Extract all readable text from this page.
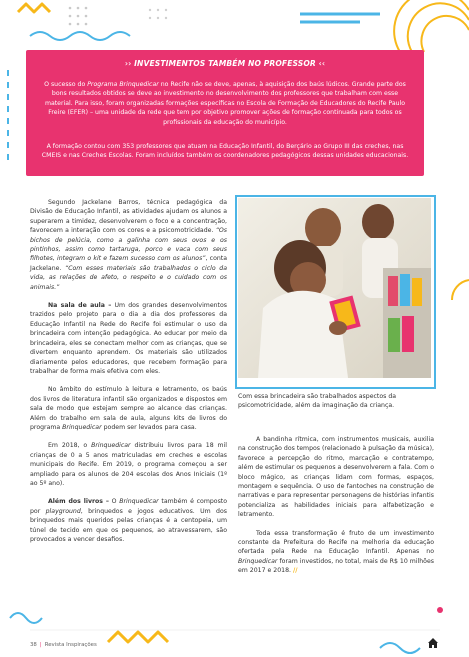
›› INVESTIMENTOS TAMBÉM NO PROFESSOR ‹‹

O sucesso do Programa Brinquedicar no Recife não se deve, apenas, à aquisição dos baús lúdicos. Grande parte dos bons resultados obtidos se deve ao investimento no desenvolvimento dos professores que trabalham com esse material. Para isso, foram organizadas formações específicas no Escola de Formação de Educadores do Recife Paulo Freire (EFER) – uma unidade da rede que tem por objetivo promover ações de formação continuada para todos os profissionais da educação do município.

A formação contou com 353 professores que atuam na Educação Infantil, do Berçário ao Grupo III das creches, nas CMEIS e nas Creches Escolas. Foram incluídos também os coordenadores pedagógicos dessas unidades educacionais.

Segundo Jackelane Barros, técnica pedagógica da Divisão de Educação Infantil, as atividades ajudam os alunos a superarem a timidez, desenvolverem o foco e a concentração, favorecem a interação com os cores e a psicomotricidade. “Os bichos de pelúcia, como a galinha com seus ovos e os pintinhos, assim como tartaruga, porco e vaca com seus filhotes, integram o kit e fazem sucesso com os alunos”, conta Jackelane. “Com esses materiais são trabalhados o ciclo da vida, as relações de afeto, o respeito e o cuidado com os animais.”

Na sala de aula – Um dos grandes desenvolvimentos trazidos pelo projeto para o dia a dia dos professores da Educação Infantil na Rede do Recife foi estimular o uso da brincadeira com intenção pedagógica. Ao educar por meio da brincadeira, eles se conectam melhor com as crianças, que se divertem enquanto aprendem. Os materiais são utilizados diariamente pelos educadores, que recebem formação para trabalhar de forma mais efetiva com eles.

No âmbito do estímulo à leitura e letramento, os baús dos livros de literatura infantil são organizados e dispostos em sala de modo que estejam sempre ao alcance das crianças. Além do trabalho em sala de aula, alguns kits de livros do programa Brinquedicar podem ser levados para casa.

Em 2018, o Brinquedicar distribuiu livros para 18 mil crianças de 0 a 5 anos matriculadas em creches e escolas municipais do Recife. Em 2019, o programa começou a ser ampliado para os alunos de 204 escolas dos Anos Iniciais (1º ao 5º ano).

Além dos livros – O Brinquedicar também é composto por playground, brinquedos e jogos educativos. Um dos brinquedos mais queridos pelas crianças é a centopeia, um túnel de tecido em que os pequenos, ao atravessarem, são provocados a vencer desafios.

Com essa brincadeira são trabalhados aspectos da psicomotricidade, além da imaginação da criança.

A bandinha rítmica, com instrumentos musicais, auxilia na construção dos tempos (relacionado à pulsação da música), favorece a percepção do ritmo, marcação e contratempo, além de estimular os pequenos a desenvolverem a fala. Com o bloco mágico, as crianças lidam com formas, espaços, montagem e sequência. O uso de fantoches na construção de narrativas e para representar personagens de histórias infantis potencializa as habilidades iniciais para alfabetização e letramento.

Toda essa transformação é fruto de um investimento constante da Prefeitura do Recife na melhoria da educação ofertada pela Rede na Educação Infantil. Apenas no Brinquedicar foram investidos, no total, mais de R$ 10 milhões em 2017 e 2018. //

38 | Revista Inspirações
